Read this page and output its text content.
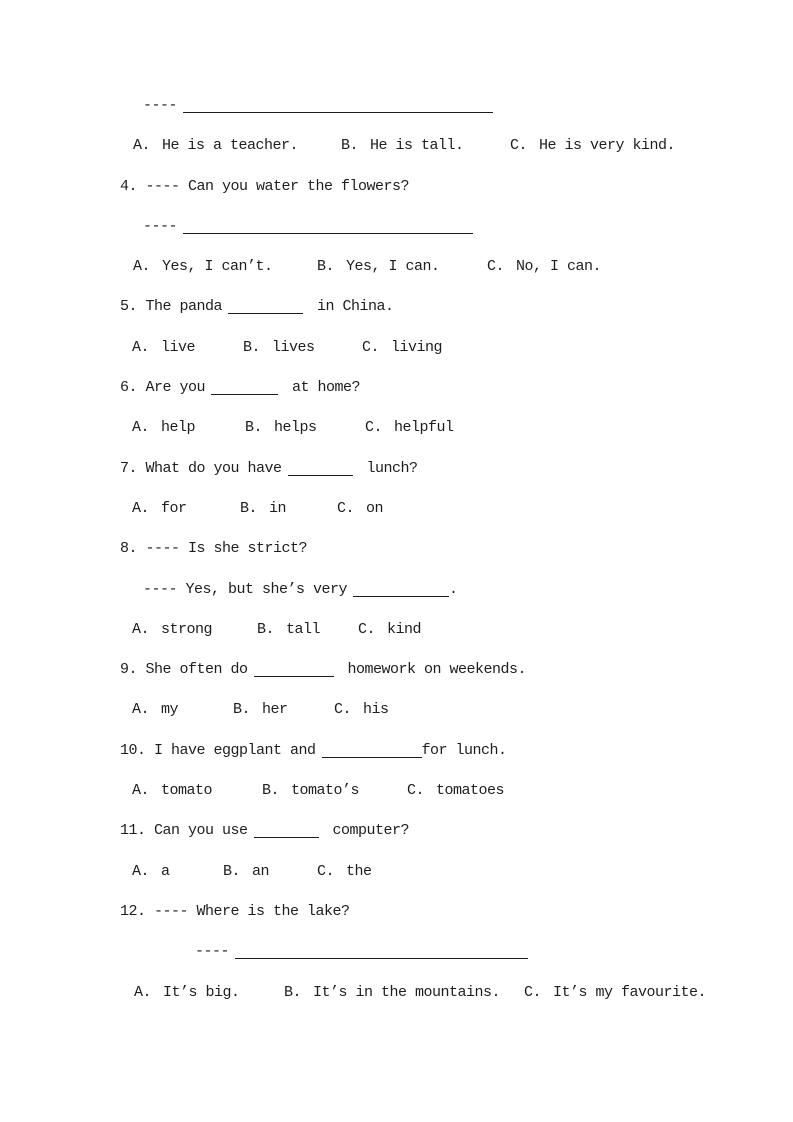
----

A. He is a teacher.

	B. He is tall.

	C. He is very kind.

4. ---- Can you water the flowers?
----

A. Yes, I can’t.

	B. Yes, I can.

	C. No, I can.

5. The panda	in China.

A. live

	B. lives

	C. living

6. Are you	at home?

A. help

	B. helps

	C. helpful

7. What do you have	lunch?

A. for

	B. in

	C. on

8. ---- Is she strict?
---- Yes, but she’s very	.

A. strong

	B. tall

	C. kind

9. She often do	homework on weekends.

A. my

	B. her

	C. his

10. I have eggplant and	for lunch.

A. tomato

	B. tomato’s

	C. tomatoes

11. Can you use	computer?

A. a

	B. an

	C. the

12. ---- Where is the lake?
----

A. It’s big.

	B. It’s in the mountains.

C. It’s my favourite.
